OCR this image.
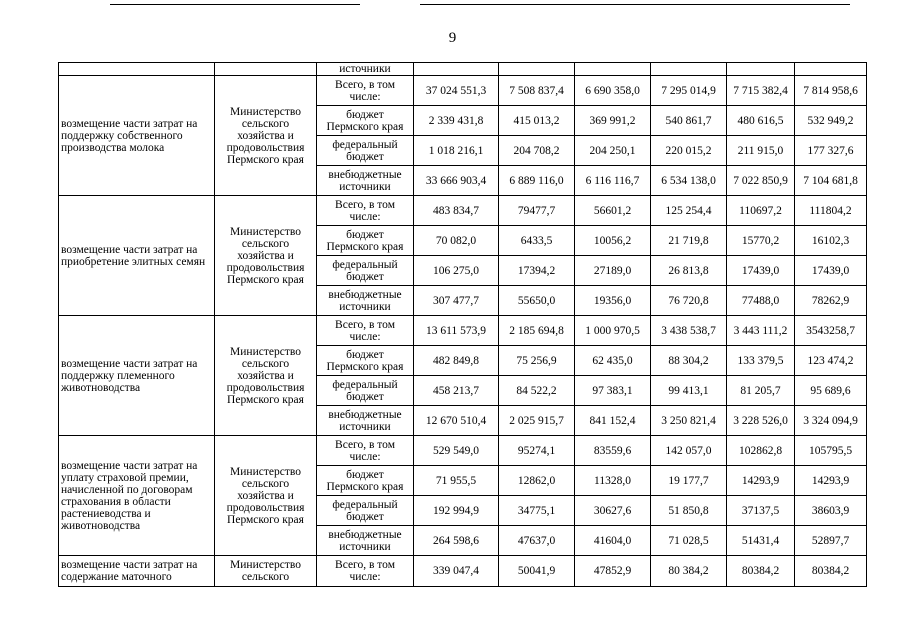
9
		источники						
возмещение части затрат на поддержку собственного производства молока	Министерство сельского хозяйства и продовольствия Пермского края	Всего, в том числе:	37 024 551,3	7 508 837,4	6 690 358,0	7 295 014,9	7 715 382,4	7 814 958,6
		бюджет Пермского края	2 339 431,8	415 013,2	369 991,2	540 861,7	480 616,5	532 949,2
		федеральный бюджет	1 018 216,1	204 708,2	204 250,1	220 015,2	211 915,0	177 327,6
		внебюджетные источники	33 666 903,4	6 889 116,0	6 116 116,7	6 534 138,0	7 022 850,9	7 104 681,8
возмещение части затрат на приобретение элитных семян	Министерство сельского хозяйства и продовольствия Пермского края	Всего, в том числе:	483 834,7	79477,7	56601,2	125 254,4	110697,2	111804,2
		бюджет Пермского края	70 082,0	6433,5	10056,2	21 719,8	15770,2	16102,3
		федеральный бюджет	106 275,0	17394,2	27189,0	26 813,8	17439,0	17439,0
		внебюджетные источники	307 477,7	55650,0	19356,0	76 720,8	77488,0	78262,9
возмещение части затрат на поддержку племенного животноводства	Министерство сельского хозяйства и продовольствия Пермского края	Всего, в том числе:	13 611 573,9	2 185 694,8	1 000 970,5	3 438 538,7	3 443 111,2	3543258,7
		бюджет Пермского края	482 849,8	75 256,9	62 435,0	88 304,2	133 379,5	123 474,2
		федеральный бюджет	458 213,7	84 522,2	97 383,1	99 413,1	81 205,7	95 689,6
		внебюджетные источники	12 670 510,4	2 025 915,7	841 152,4	3 250 821,4	3 228 526,0	3 324 094,9
возмещение части затрат на уплату страховой премии, начисленной по договорам страхования в области растениеводства и животноводства	Министерство сельского хозяйства и продовольствия Пермского края	Всего, в том числе:	529 549,0	95274,1	83559,6	142 057,0	102862,8	105795,5
		бюджет Пермского края	71 955,5	12862,0	11328,0	19 177,7	14293,9	14293,9
		федеральный бюджет	192 994,9	34775,1	30627,6	51 850,8	37137,5	38603,9
		внебюджетные источники	264 598,6	47637,0	41604,0	71 028,5	51431,4	52897,7
возмещение части затрат на содержание маточного	Министерство сельского	Всего, в том числе:	339 047,4	50041,9	47852,9	80 384,2	80384,2	80384,2
